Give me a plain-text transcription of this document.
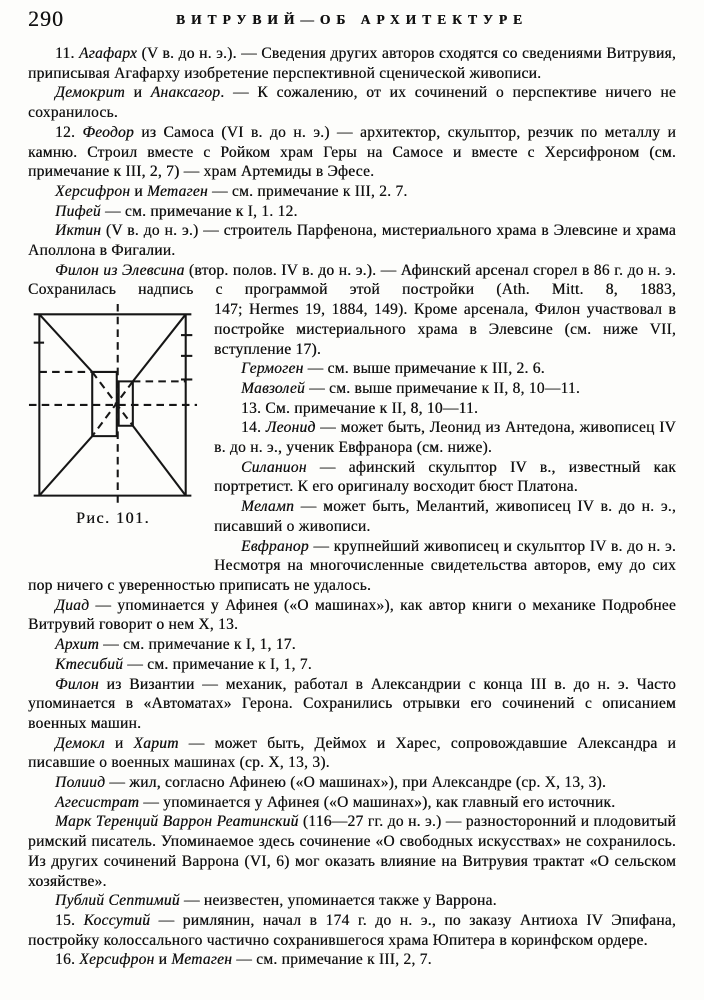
290	ВИТРУВИЙ—ОБ АРХИТЕКТУРЕ

11. Агафарх (V в. до н. э.). — Сведения других авторов сходятся со сведениями Витрувия, приписывая Агафарху изобретение перспективной сценической живописи.

Демокрит и Анаксагор. — К сожалению, от их сочинений о перспективе ничего не сохранилось.

12. Феодор из Самоса (VI в. до н. э.) — архитектор, скульптор, резчик по металлу и камню. Строил вместе с Ройком храм Геры на Самосе и вместе с Херсифроном (см. примечание к III, 2, 7) — храм Артемиды в Эфесе.

Херсифрон и Метаген — см. примечание к III, 2. 7.

Пифей — см. примечание к I, 1. 12.

Иктин (V в. до н. э.) — строитель Парфенона, мистериального храма в Элевсине и храма Аполлона в Фигалии.

Филон из Элевсина (втор. полов. IV в. до н. э.). — Афинский арсенал сгорел в 86 г. до н. э. Сохранилась надпись с программой этой постройки (Ath. Mitt. 8, 1883,

Рис. 101.

147; Hermes 19, 1884, 149). Кроме арсенала, Филон участвовал в постройке мистериального храма в Элевсине (см. ниже VII, вступление 17).

Гермоген — см. выше примечание к III, 2. 6.

Мавзолей — см. выше примечание к II, 8, 10—11.

13. См. примечание к II, 8, 10—11.

14. Леонид — может быть, Леонид из Антедона, живописец IV в. до н. э., ученик Евфранора (см. ниже).

Силанион — афинский скульптор IV в., известный как портретист. К его оригиналу восходит бюст Платона.

Меламп — может быть, Мелантий, живописец IV в. до н. э., писавший о живописи.

Евфранор — крупнейший живописец и скульптор IV в. до н. э. Несмотря на многочисленные свидетельства авторов, ему до сих пор ничего с уверенностью приписать не удалось.

Диад — упоминается у Афинея («О машинах»), как автор книги о механике Подробнее Витрувий говорит о нем X, 13.

Архит — см. примечание к I, 1, 17.

Ктесибий — см. примечание к I, 1, 7.

Филон из Византии — механик, работал в Александрии с конца III в. до н. э. Часто упоминается в «Автоматах» Герона. Сохранились отрывки его сочинений с описанием военных машин.

Демокл и Харит — может быть, Деймох и Харес, сопровождавшие Александра и писавшие о военных машинах (ср. X, 13, 3).

Полиид — жил, согласно Афинею («О машинах»), при Александре (ср. X, 13, 3).

Агесистрат — упоминается у Афинея («О машинах»), как главный его источник.

Марк Теренций Варрон Реатинский (116—27 гг. до н. э.) — разносторонний и плодовитый римский писатель. Упоминаемое здесь сочинение «О свободных искусствах» не сохранилось. Из других сочинений Варрона (VI, 6) мог оказать влияние на Витрувия трактат «О сельском хозяйстве».

Публий Септимий — неизвестен, упоминается также у Варрона.

15. Коссутий — римлянин, начал в 174 г. до н. э., по заказу Антиоха IV Эпифана, постройку колоссального частично сохранившегося храма Юпитера в коринфском ордере.

16. Херсифрон и Метаген — см. примечание к III, 2, 7.
